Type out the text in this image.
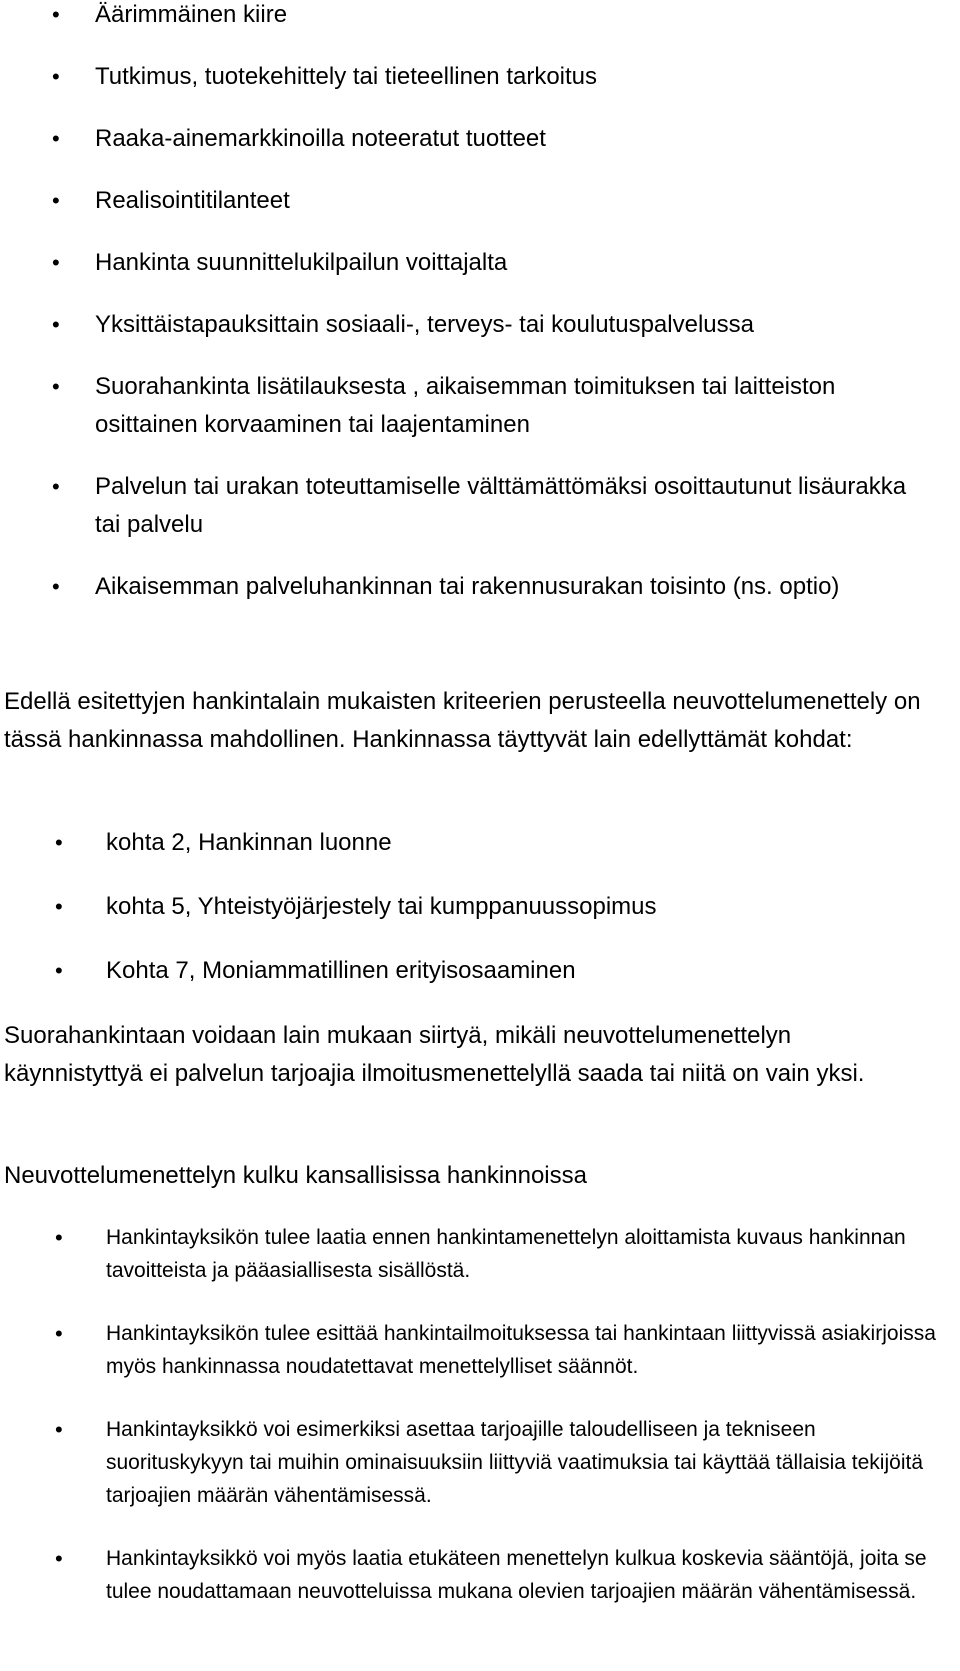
• Äärimmäinen kiire
• Tutkimus, tuotekehittely tai tieteellinen tarkoitus
• Raaka-ainemarkkinoilla noteeratut tuotteet
• Realisointitilanteet
• Hankinta suunnittelukilpailun voittajalta
• Yksittäistapauksittain sosiaali-, terveys- tai koulutuspalvelussa
• Suorahankinta lisätilauksesta , aikaisemman toimituksen tai laitteiston osittainen korvaaminen tai laajentaminen
• Palvelun tai urakan toteuttamiselle välttämättömäksi osoittautunut lisäurakka tai palvelu
• Aikaisemman palveluhankinnan tai rakennusurakan toisinto (ns. optio)

Edellä esitettyjen hankintalain mukaisten kriteerien perusteella neuvottelumenettely on tässä hankinnassa mahdollinen. Hankinnassa täyttyvät lain edellyttämät kohdat:

• kohta 2, Hankinnan luonne
• kohta 5, Yhteistyöjärjestely tai kumppanuussopimus
• Kohta 7, Moniammatillinen erityisosaaminen

Suorahankintaan voidaan lain mukaan siirtyä, mikäli neuvottelumenettelyn käynnistyttyä ei palvelun tarjoajia ilmoitusmenettelyllä saada tai niitä on vain yksi.

Neuvottelumenettelyn kulku kansallisissa hankinnoissa

• Hankintayksikön tulee laatia ennen hankintamenettelyn aloittamista kuvaus hankinnan tavoitteista ja pääasiallisesta sisällöstä.
• Hankintayksikön tulee esittää hankintailmoituksessa tai hankintaan liittyvissä asiakirjoissa myös hankinnassa noudatettavat menettelylliset säännöt.
• Hankintayksikkö voi esimerkiksi asettaa tarjoajille taloudelliseen ja tekniseen suorituskykyyn tai muihin ominaisuuksiin liittyviä vaatimuksia tai käyttää tällaisia tekijöitä tarjoajien määrän vähentämisessä.
• Hankintayksikkö voi myös laatia etukäteen menettelyn kulkua koskevia sääntöjä, joita se tulee noudattamaan neuvotteluissa mukana olevien tarjoajien määrän vähentämisessä.
